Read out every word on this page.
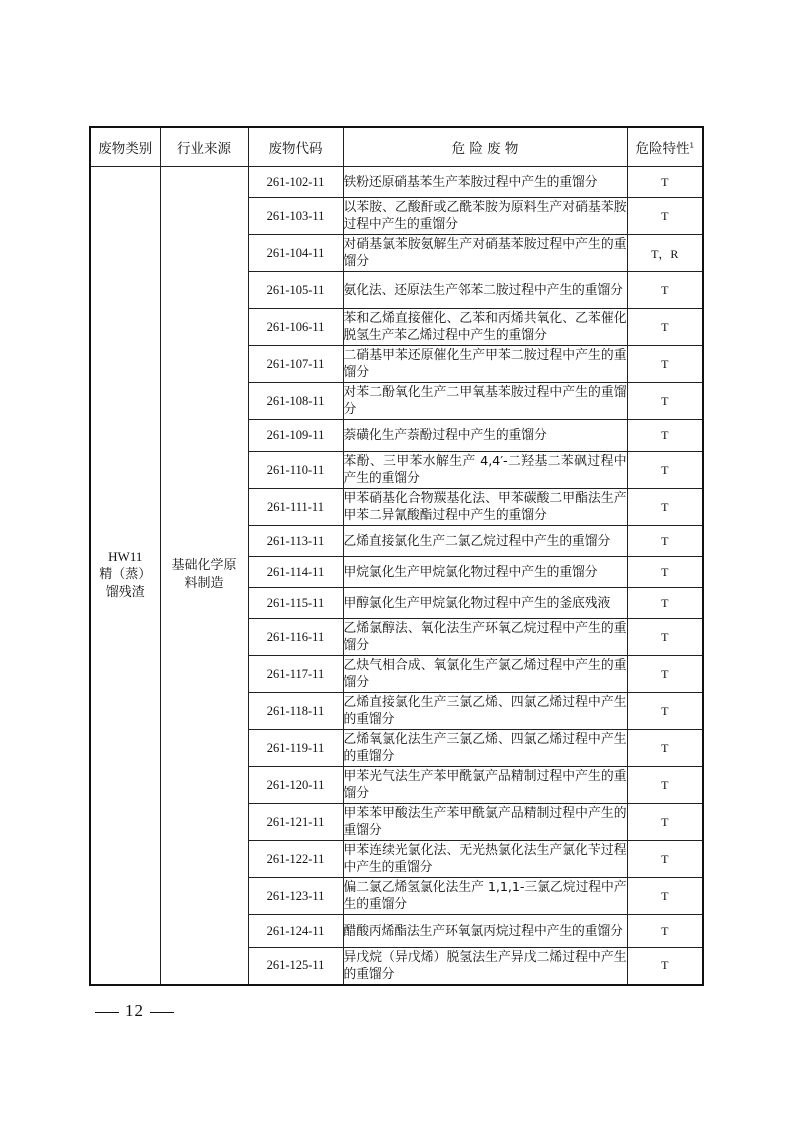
废物类别	行业来源	废物代码	危 险 废 物	危险特性$^1$

HW11
精（蒸）馏残渣	基础化学原料制造	261-102-11	铁粉还原硝基苯生产苯胺过程中产生的重馏分	T
		261-103-11	以苯胺、乙酸酐或乙酰苯胺为原料生产对硝基苯胺过程中产生的重馏分	T
		261-104-11	对硝基氯苯胺氨解生产对硝基苯胺过程中产生的重馏分	T，R
		261-105-11	氨化法、还原法生产邻苯二胺过程中产生的重馏分	T
		261-106-11	苯和乙烯直接催化、乙苯和丙烯共氧化、乙苯催化脱氢生产苯乙烯过程中产生的重馏分	T
		261-107-11	二硝基甲苯还原催化生产甲苯二胺过程中产生的重馏分	T
		261-108-11	对苯二酚氧化生产二甲氧基苯胺过程中产生的重馏分	T
		261-109-11	萘磺化生产萘酚过程中产生的重馏分	T
		261-110-11	苯酚、三甲苯水解生产 4,4′-二羟基二苯砜过程中产生的重馏分	T
		261-111-11	甲苯硝基化合物羰基化法、甲苯碳酸二甲酯法生产甲苯二异氰酸酯过程中产生的重馏分	T
		261-113-11	乙烯直接氯化生产二氯乙烷过程中产生的重馏分	T
		261-114-11	甲烷氯化生产甲烷氯化物过程中产生的重馏分	T
		261-115-11	甲醇氯化生产甲烷氯化物过程中产生的釜底残液	T
		261-116-11	乙烯氯醇法、氧化法生产环氧乙烷过程中产生的重馏分	T
		261-117-11	乙炔气相合成、氧氯化生产氯乙烯过程中产生的重馏分	T
		261-118-11	乙烯直接氯化生产三氯乙烯、四氯乙烯过程中产生的重馏分	T
		261-119-11	乙烯氧氯化法生产三氯乙烯、四氯乙烯过程中产生的重馏分	T
		261-120-11	甲苯光气法生产苯甲酰氯产品精制过程中产生的重馏分	T
		261-121-11	甲苯苯甲酸法生产苯甲酰氯产品精制过程中产生的重馏分	T
		261-122-11	甲苯连续光氯化法、无光热氯化法生产氯化苄过程中产生的重馏分	T
		261-123-11	偏二氯乙烯氢氯化法生产 1,1,1-三氯乙烷过程中产生的重馏分	T
		261-124-11	醋酸丙烯酯法生产环氧氯丙烷过程中产生的重馏分	T
		261-125-11	异戊烷（异戊烯）脱氢法生产异戊二烯过程中产生的重馏分	T
12
